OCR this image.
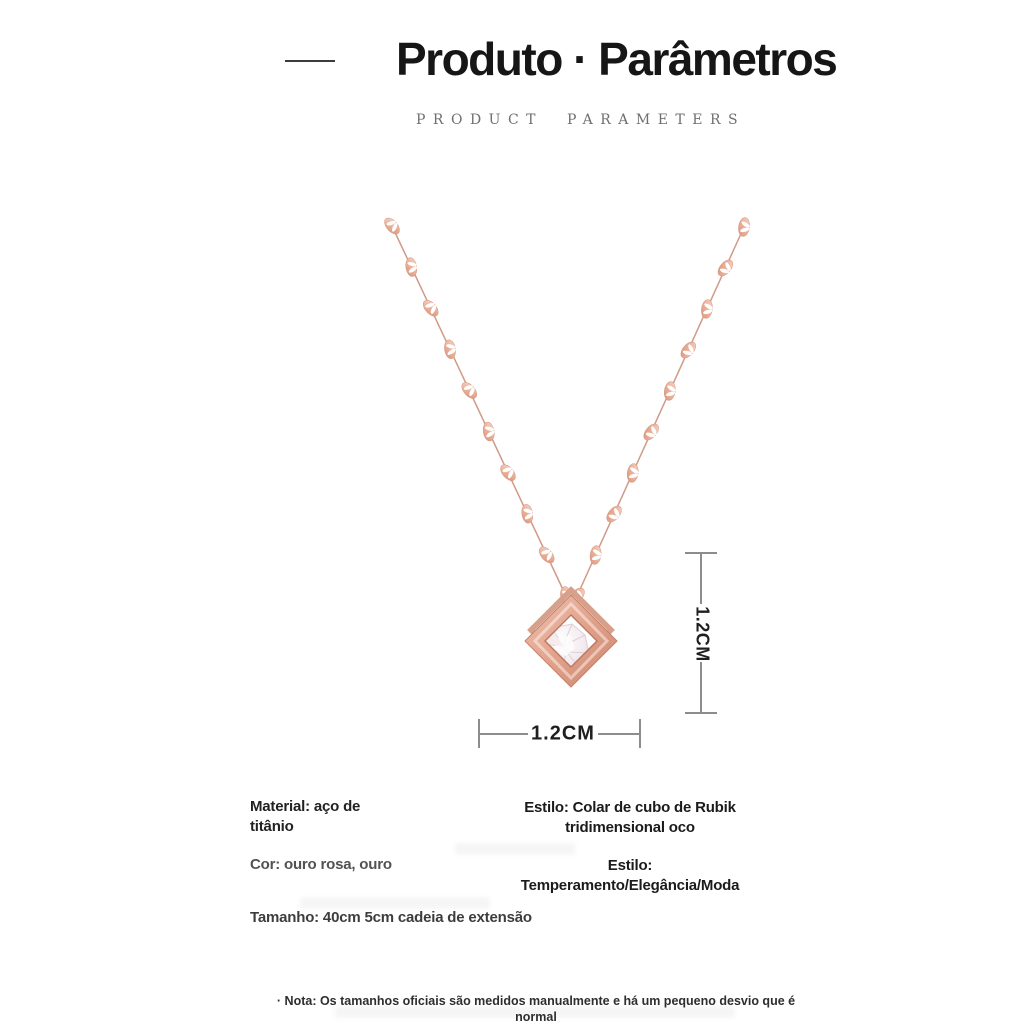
Produto · Parâmetros
PRODUCT PARAMETERS
1.2CM
1.2CM
Material: aço de
titânio
Estilo: Colar de cubo de Rubik
tridimensional oco
Cor: ouro rosa, ouro	Estilo:
Temperamento/Elegância/Moda
Tamanho: 40cm 5cm cadeia de extensão
· Nota: Os tamanhos oficiais são medidos manualmente e há um pequeno desvio que é
normal
